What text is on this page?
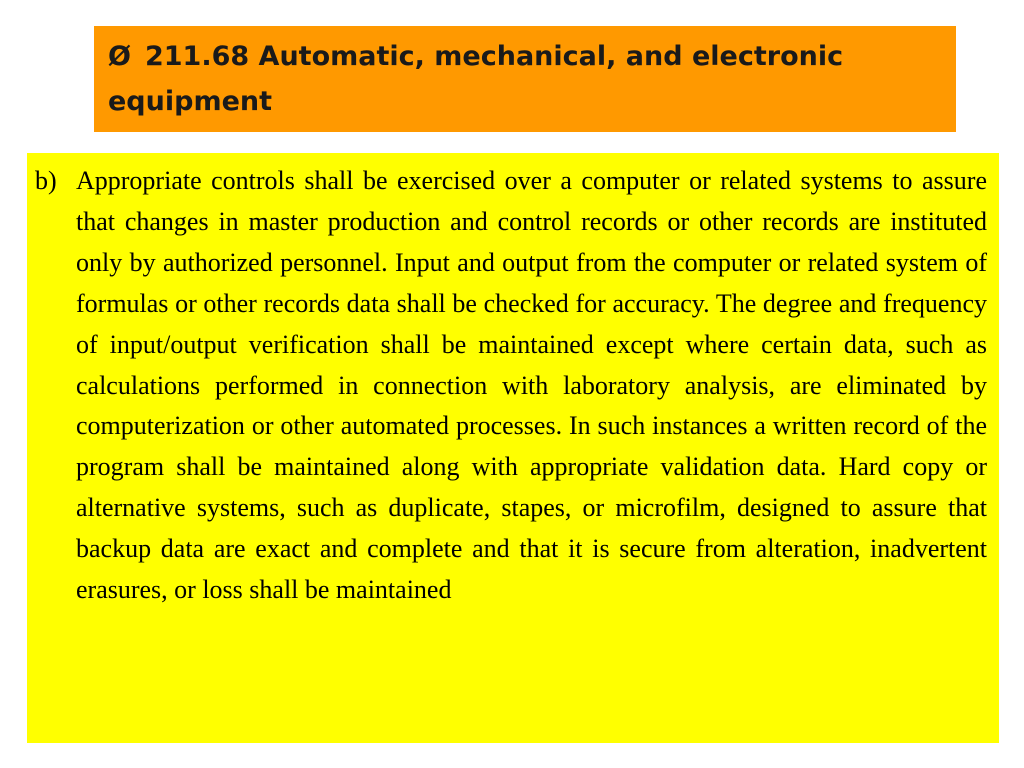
Ø 211.68 Automatic, mechanical, and electronic equipment
b) Appropriate controls shall be exercised over a computer or related systems to assure that changes in master production and control records or other records are instituted only by authorized personnel. Input and output from the computer or related system of formulas or other records data shall be checked for accuracy. The degree and frequency of input/output verification shall be maintained except where certain data, such as calculations performed in connection with laboratory analysis, are eliminated by computerization or other automated processes. In such instances a written record of the program shall be maintained along with appropriate validation data. Hard copy or alternative systems, such as duplicate, stapes, or microfilm, designed to assure that backup data are exact and complete and that it is secure from alteration, inadvertent erasures, or loss shall be maintained
